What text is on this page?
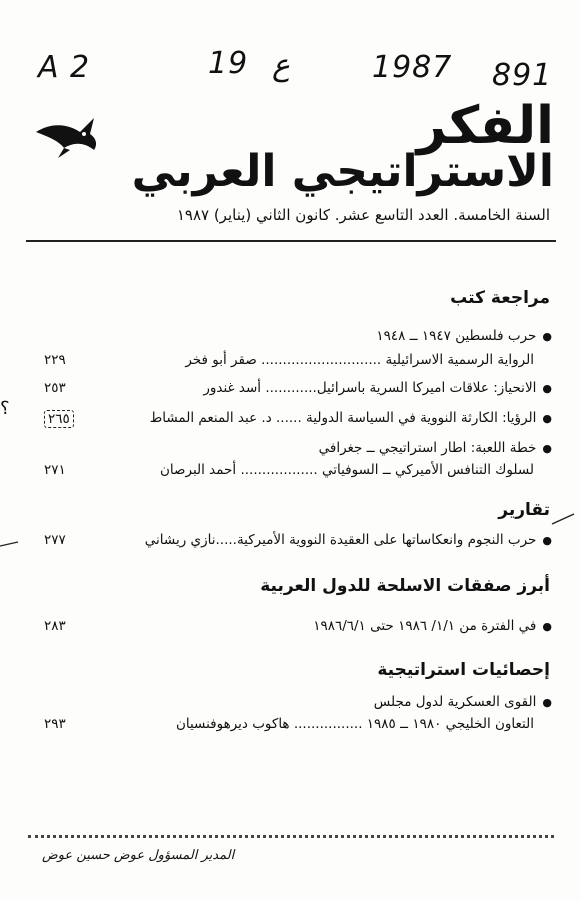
A 2	19 ع	1987 891
الفكر
الاستراتيجي العربي
السنة الخامسة. العدد التاسع عشر. كانون الثاني (يناير) ١٩٨٧
مراجعة كتب
● حرب فلسطين ١٩٤٧ ــ ١٩٤٨
الرواية الرسمية الاسرائيلية ............................ صقر أبو فخر
٢٢٩
● الانحياز: علاقات اميركا السرية باسرائيل............ أسد غندور
٢٥٣
● الرؤيا: الكارثة النووية في السياسة الدولية ...... د. عبد المنعم المشاط
٢٦٥
● خطة اللعبة: اطار استراتيجي ــ جغرافي
لسلوك التنافس الأميركي ــ السوفياتي .................. أحمد البرصان
٢٧١
؟
تقارير
● حرب النجوم وانعكاساتها على العقيدة النووية الأميركية.....نازي ريشاني
٢٧٧
أبرز صفقات الاسلحة للدول العربية
● في الفترة من ١/١/ ١٩٨٦ حتى ١٩٨٦/٦/١
٢٨٣
إحصائيات استراتيجية
● القوى العسكرية لدول مجلس
التعاون الخليجي ١٩٨٠ ــ ١٩٨٥ ................ هاكوب ديرهوفنسيان
٢٩٣
المدير المسؤول عوض حسين عوض
